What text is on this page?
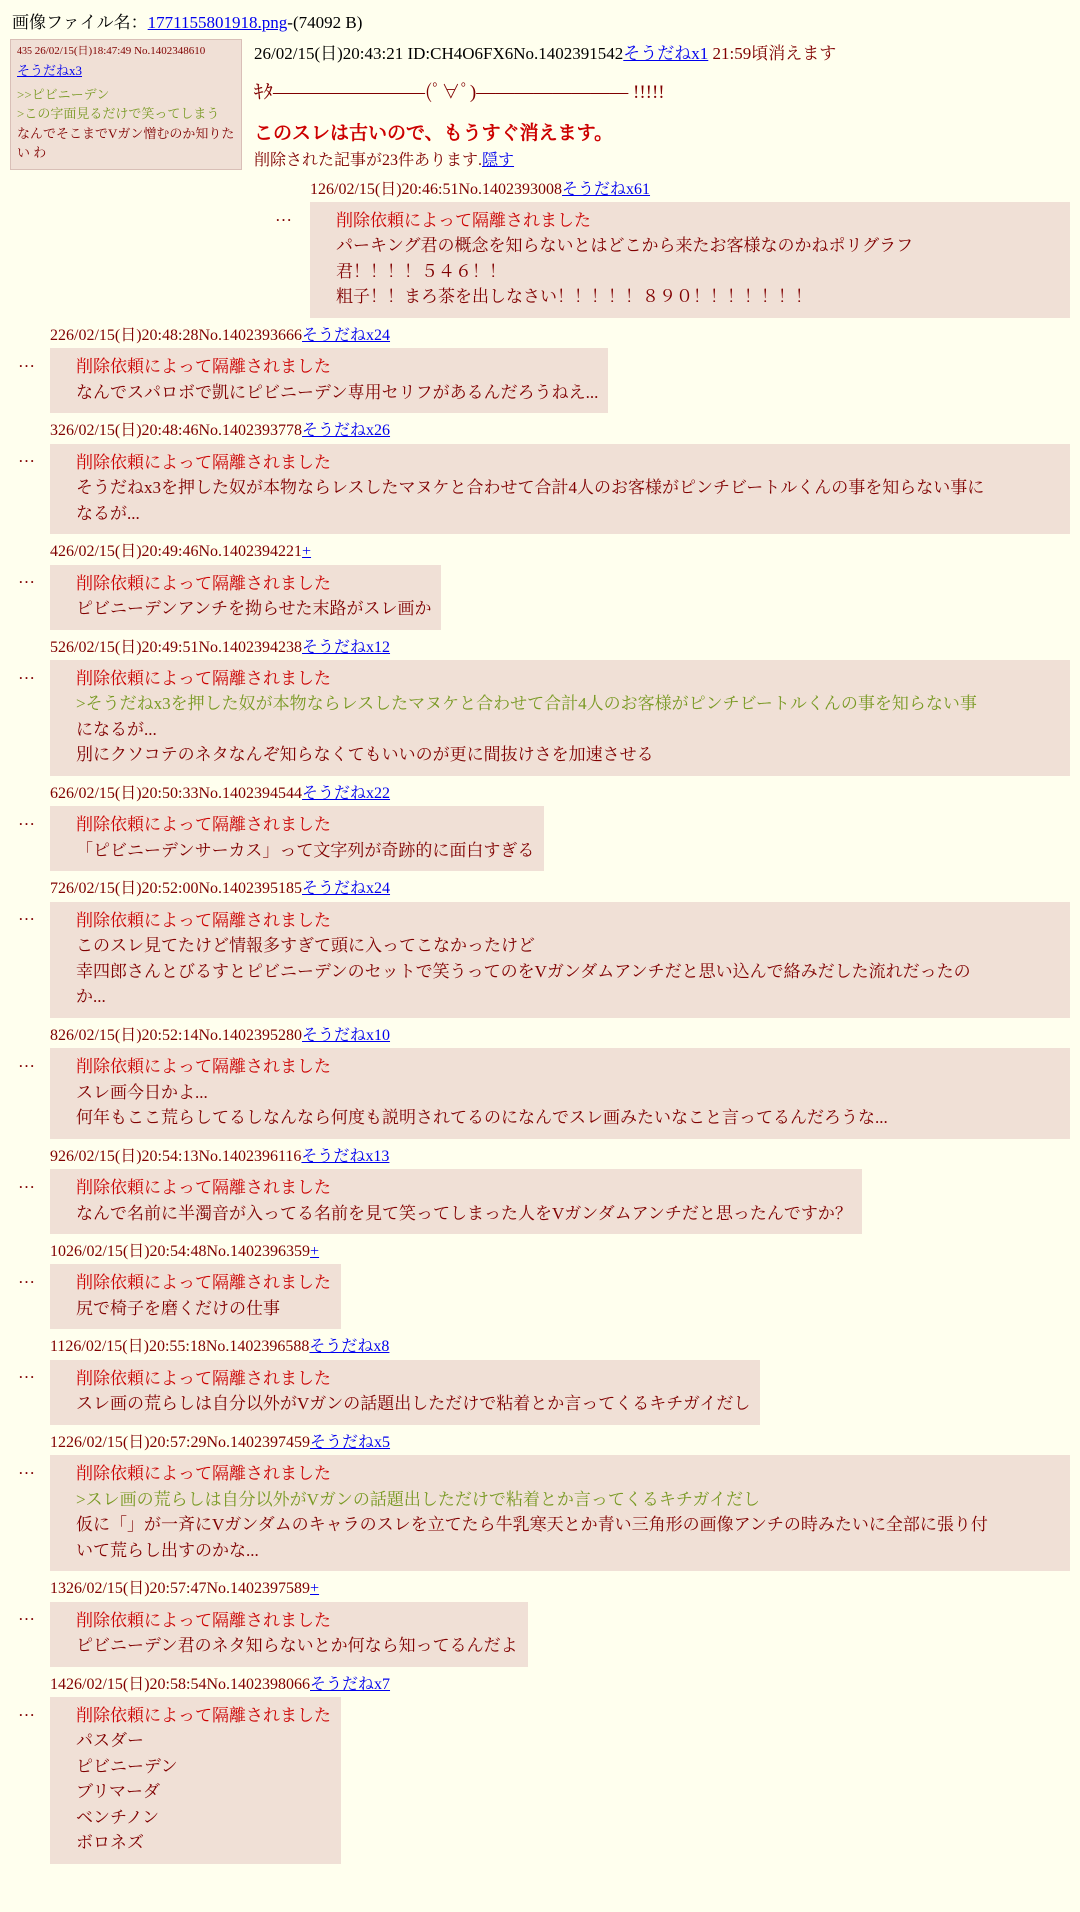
画像ファイル名：1771155801918.png-(74092 B)
435 26/02/15(日)18:47:49 No.1402348610
そうだねx3
>>ピビニーデン
>この字面見るだけで笑ってしまう
なんでそこまでVガン憎むのか知りたい わ
26/02/15(日)20:43:21 ID:CH4O6FX6No.1402391542そうだねx1 21:59頃消えます
ｷﾀ――――――――(ﾟ∀ﾟ)―――――――― !!!!!
このスレは古いので、もうすぐ消えます。
削除された記事が23件あります.隠す
…
126/02/15(日)20:46:51No.1402393008そうだねx61
削除依頼によって隔離されました
パーキング君の概念を知らないとはどこから来たお客様なのかねポリグラフ
君！！！！５４６！！
粗子！！まろ茶を出しなさい！！！！！８９０！！！！！！！
…
226/02/15(日)20:48:28No.1402393666そうだねx24
削除依頼によって隔離されました
なんでスパロボで凱にピビニーデン専用セリフがあるんだろうねえ...
…
326/02/15(日)20:48:46No.1402393778そうだねx26
削除依頼によって隔離されました
そうだねx3を押した奴が本物ならレスしたマヌケと合わせて合計4人のお客様がピンチビートルくんの事を知らない事に
なるが...
…
426/02/15(日)20:49:46No.1402394221+
削除依頼によって隔離されました
ピビニーデンアンチを拗らせた末路がスレ画か
…
526/02/15(日)20:49:51No.1402394238そうだねx12
削除依頼によって隔離されました
>そうだねx3を押した奴が本物ならレスしたマヌケと合わせて合計4人のお客様がピンチビートルくんの事を知らない事
になるが...
別にクソコテのネタなんぞ知らなくてもいいのが更に間抜けさを加速させる
…
626/02/15(日)20:50:33No.1402394544そうだねx22
削除依頼によって隔離されました
「ピビニーデンサーカス」って文字列が奇跡的に面白すぎる
…
726/02/15(日)20:52:00No.1402395185そうだねx24
削除依頼によって隔離されました
このスレ見てたけど情報多すぎて頭に入ってこなかったけど
幸四郎さんとびるすとピビニーデンのセットで笑うってのをVガンダムアンチだと思い込んで絡みだした流れだったの
か...
…
826/02/15(日)20:52:14No.1402395280そうだねx10
削除依頼によって隔離されました
スレ画今日かよ...
何年もここ荒らしてるしなんなら何度も説明されてるのになんでスレ画みたいなこと言ってるんだろうな...
…
926/02/15(日)20:54:13No.1402396116そうだねx13
削除依頼によって隔離されました
なんで名前に半濁音が入ってる名前を見て笑ってしまった人をVガンダムアンチだと思ったんですか？
…
1026/02/15(日)20:54:48No.1402396359+
削除依頼によって隔離されました
尻で椅子を磨くだけの仕事
…
1126/02/15(日)20:55:18No.1402396588そうだねx8
削除依頼によって隔離されました
スレ画の荒らしは自分以外がVガンの話題出しただけで粘着とか言ってくるキチガイだし
…
1226/02/15(日)20:57:29No.1402397459そうだねx5
削除依頼によって隔離されました
>スレ画の荒らしは自分以外がVガンの話題出しただけで粘着とか言ってくるキチガイだし
仮に「」が一斉にVガンダムのキャラのスレを立てたら牛乳寒天とか青い三角形の画像アンチの時みたいに全部に張り付
いて荒らし出すのかな...
…
1326/02/15(日)20:57:47No.1402397589+
削除依頼によって隔離されました
ピビニーデン君のネタ知らないとか何なら知ってるんだよ
…
1426/02/15(日)20:58:54No.1402398066そうだねx7
削除依頼によって隔離されました
パスダー
ピビニーデン
ブリマーダ
ベンチノン
ボロネズ
